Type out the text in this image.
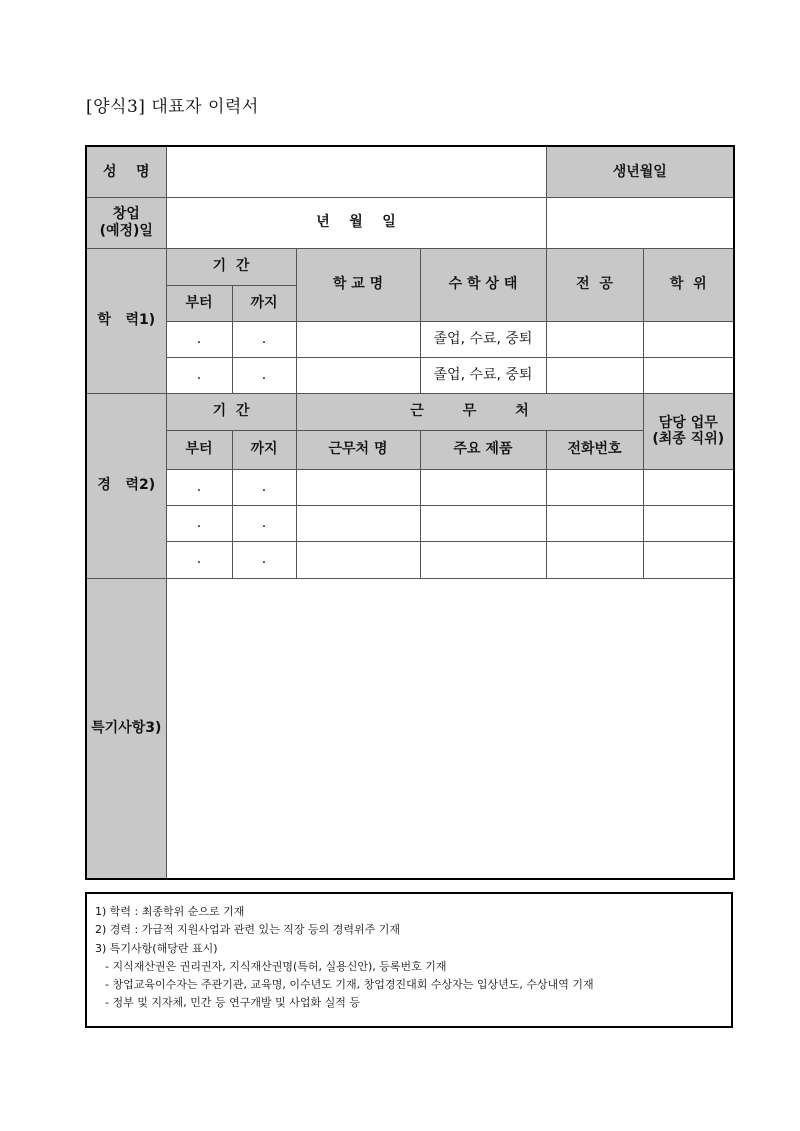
[양식3] 대표자 이력서
성    명					생년월일	

창업
(예정)일	년    월    일					
학   력1)	기  간		학 교 명	수 학 상 태	전  공	학  위
	부터	까지				
	.	.		졸업, 수료, 중퇴		
	.	.		졸업, 수료, 중퇴		
경   력2)	기  간		근        무        처			담당 업무
(최종 직위)

	부터	까지	근무처 명	주요 제품	전화번호	
	.	.				
	.	.				
	.	.				
특기사항3)						
1) 학력 : 최종학위 순으로 기재
2) 경력 : 가급적 지원사업과 관련 있는 직장 등의 경력위주 기재
3) 특기사항(해당란 표시)
- 지식재산권은 권리권자, 지식재산권명(특허, 실용신안), 등록번호 기재
- 창업교육이수자는 주관기관, 교육명, 이수년도 기재, 창업경진대회 수상자는 입상년도, 수상내역 기재
- 정부 및 지자체, 민간 등 연구개발 및 사업화 실적 등
